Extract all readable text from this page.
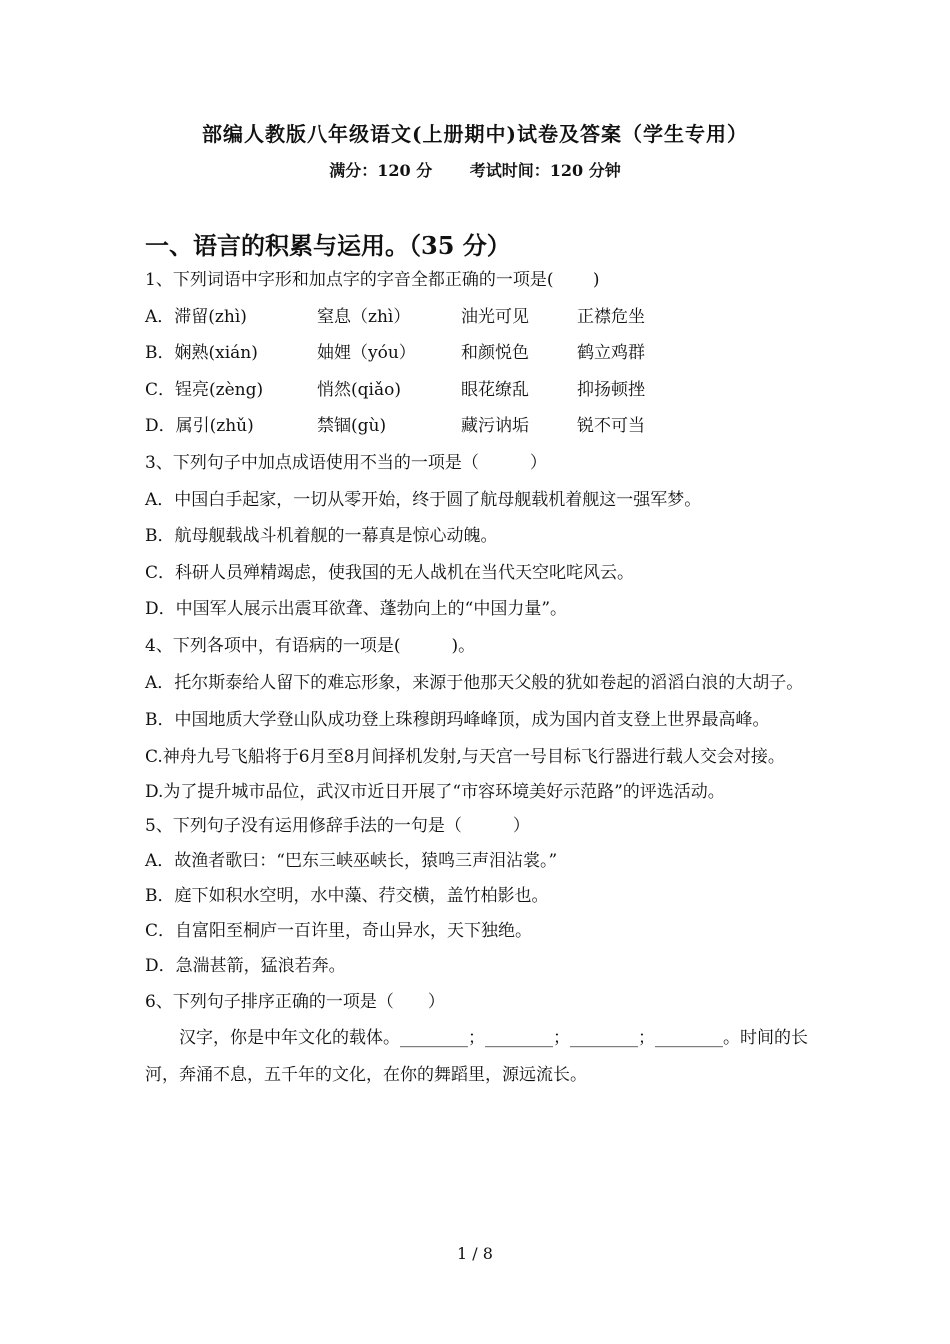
部编人教版八年级语文(上册期中)试卷及答案（学生专用）
满分：120 分 考试时间：120 分钟
一、语言的积累与运用。（35 分）
1、下列词语中字形和加点字的字音全都正确的一项是(　　 )
A．滞留(zhì)	窒息（zhì）	油光可见	正襟危坐
B．娴熟(xián)	妯娌（yóu）	和颜悦色	鹤立鸡群
C．锃亮(zèng)	悄然(qiǎo)	眼花缭乱	抑扬顿挫
D．属引(zhǔ)	禁锢(gù)	藏污讷垢	锐不可当
3、下列句子中加点成语使用不当的一项是（　　　）
A．中国白手起家，一切从零开始，终于圆了航母舰载机着舰这一强军梦。
B．航母舰载战斗机着舰的一幕真是惊心动魄。
C．科研人员殚精竭虑，使我国的无人战机在当代天空叱咤风云。
D．中国军人展示出震耳欲聋、蓬勃向上的“中国力量”。
4、下列各项中，有语病的一项是(　　　)。
A．托尔斯泰给人留下的难忘形象，来源于他那天父般的犹如卷起的滔滔白浪的大胡子。
B．中国地质大学登山队成功登上珠穆朗玛峰峰顶，成为国内首支登上世界最高峰。
C.神舟九号飞船将于6月至8月间择机发射,与天宫一号目标飞行器进行载人交会对接。
D.为了提升城市品位，武汉市近日开展了“市容环境美好示范路”的评选活动。
5、下列句子没有运用修辞手法的一句是（　　　）
A．故渔者歌曰：“巴东三峡巫峡长，猿鸣三声泪沾裳。”
B．庭下如积水空明，水中藻、荇交横，盖竹柏影也。
C．自富阳至桐庐一百许里，奇山异水，天下独绝。
D．急湍甚箭，猛浪若奔。
6、下列句子排序正确的一项是（　　）
汉字，你是中年文化的载体。________；________；________；________。时间的长河，奔涌不息，五千年的文化，在你的舞蹈里，源远流长。
1 / 8
